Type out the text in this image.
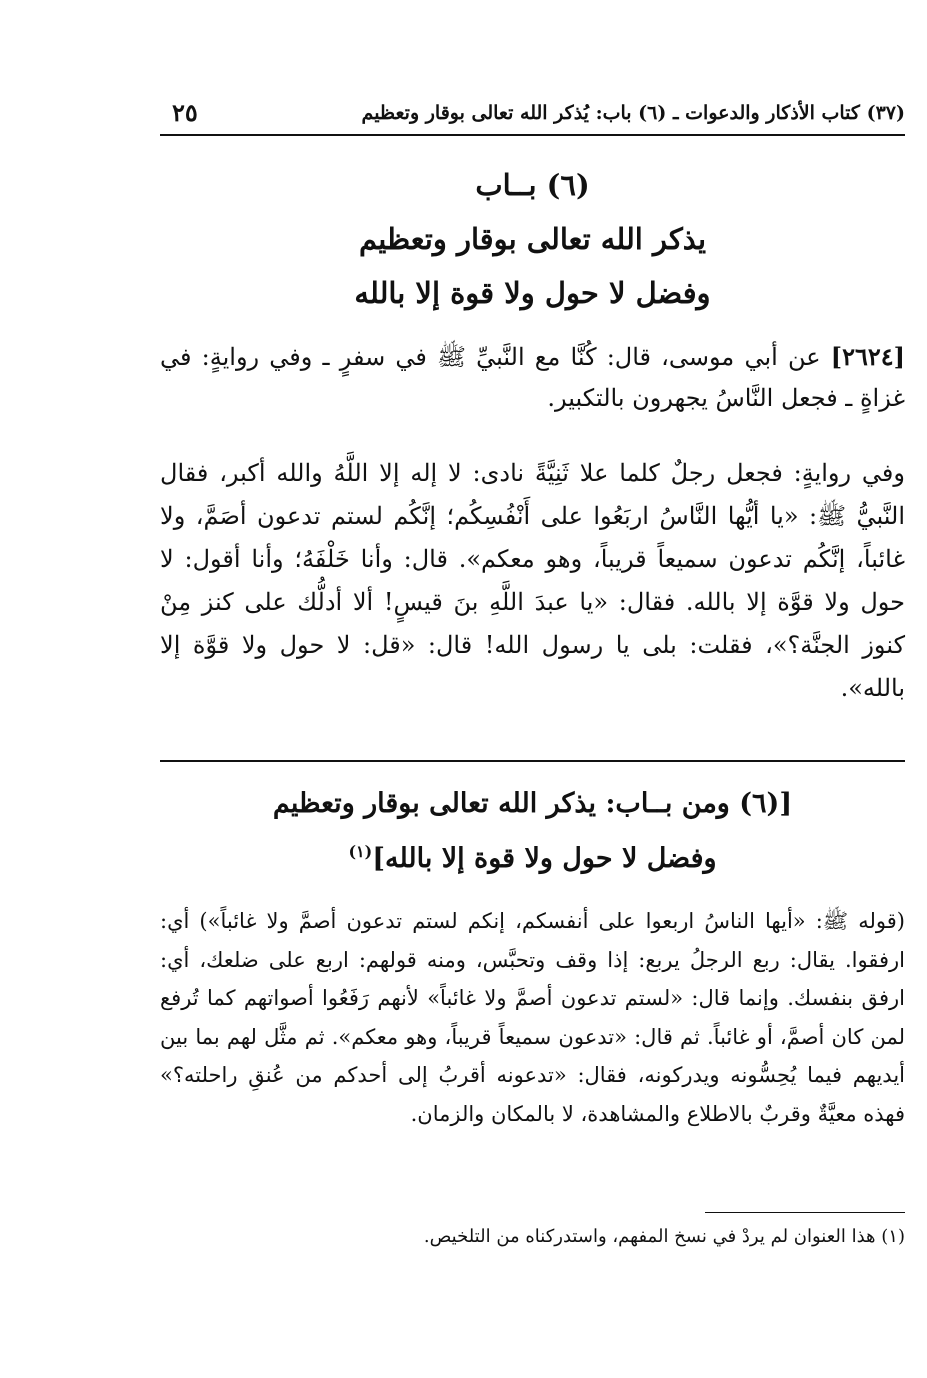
(٣٧) كتاب الأذكار والدعوات ـ (٦) باب: يُذكر الله تعالى بوقار وتعظيم
٢٥
(٦) بــاب
يذكر الله تعالى بوقار وتعظيم
وفضل لا حول ولا قوة إلا بالله
[٢٦٢٤] عن أبي موسى، قال: كُنَّا مع النَّبيِّ ﷺ في سفرٍ ـ وفي روايةٍ: في غزاةٍ ـ فجعل النَّاسُ يجهرون بالتكبير.
وفي روايةٍ: فجعل رجلٌ كلما علا ثَنِيَّةً نادى: لا إله إلا اللَّهُ والله أكبر، فقال النَّبيُّ ﷺ: «يا أيُّها النَّاسُ اربَعُوا على أَنْفُسِكُم؛ إنَّكُم لستم تدعون أصَمَّ، ولا غائباً، إنَّكُم تدعون سميعاً قريباً، وهو معكم». قال: وأنا خَلْفَهُ؛ وأنا أقول: لا حول ولا قوَّة إلا بالله. فقال: «يا عبدَ اللَّهِ بنَ قيسٍ! ألا أدلُّك على كنز مِنْ كنوز الجنَّة؟»، فقلت: بلى يا رسول الله! قال: «قل: لا حول ولا قوَّة إلا بالله».
[(٦) ومن بــاب: يذكر الله تعالى بوقار وتعظيم
وفضل لا حول ولا قوة إلا بالله]$^{(١)}$
(قوله ﷺ: «أيها الناسُ اربعوا على أنفسكم، إنكم لستم تدعون أصمَّ ولا غائباً») أي: ارفقوا. يقال: ربع الرجلُ يربع: إذا وقف وتحبَّس، ومنه قولهم: اربع على ضلعك، أي: ارفق بنفسك. وإنما قال: «لستم تدعون أصمَّ ولا غائباً» لأنهم رَفَعُوا أصواتهم كما تُرفع لمن كان أصمَّ، أو غائباً. ثم قال: «تدعون سميعاً قريباً، وهو معكم». ثم مثَّل لهم بما بين أيديهم فيما يُحِسُّونه ويدركونه، فقال: «تدعونه أقربُ إلى أحدكم من عُنقِ راحلته؟» فهذه معيَّةٌ وقربٌ بالاطلاع والمشاهدة، لا بالمكان والزمان.
(١) هذا العنوان لم يردْ في نسخ المفهم، واستدركناه من التلخيص.
